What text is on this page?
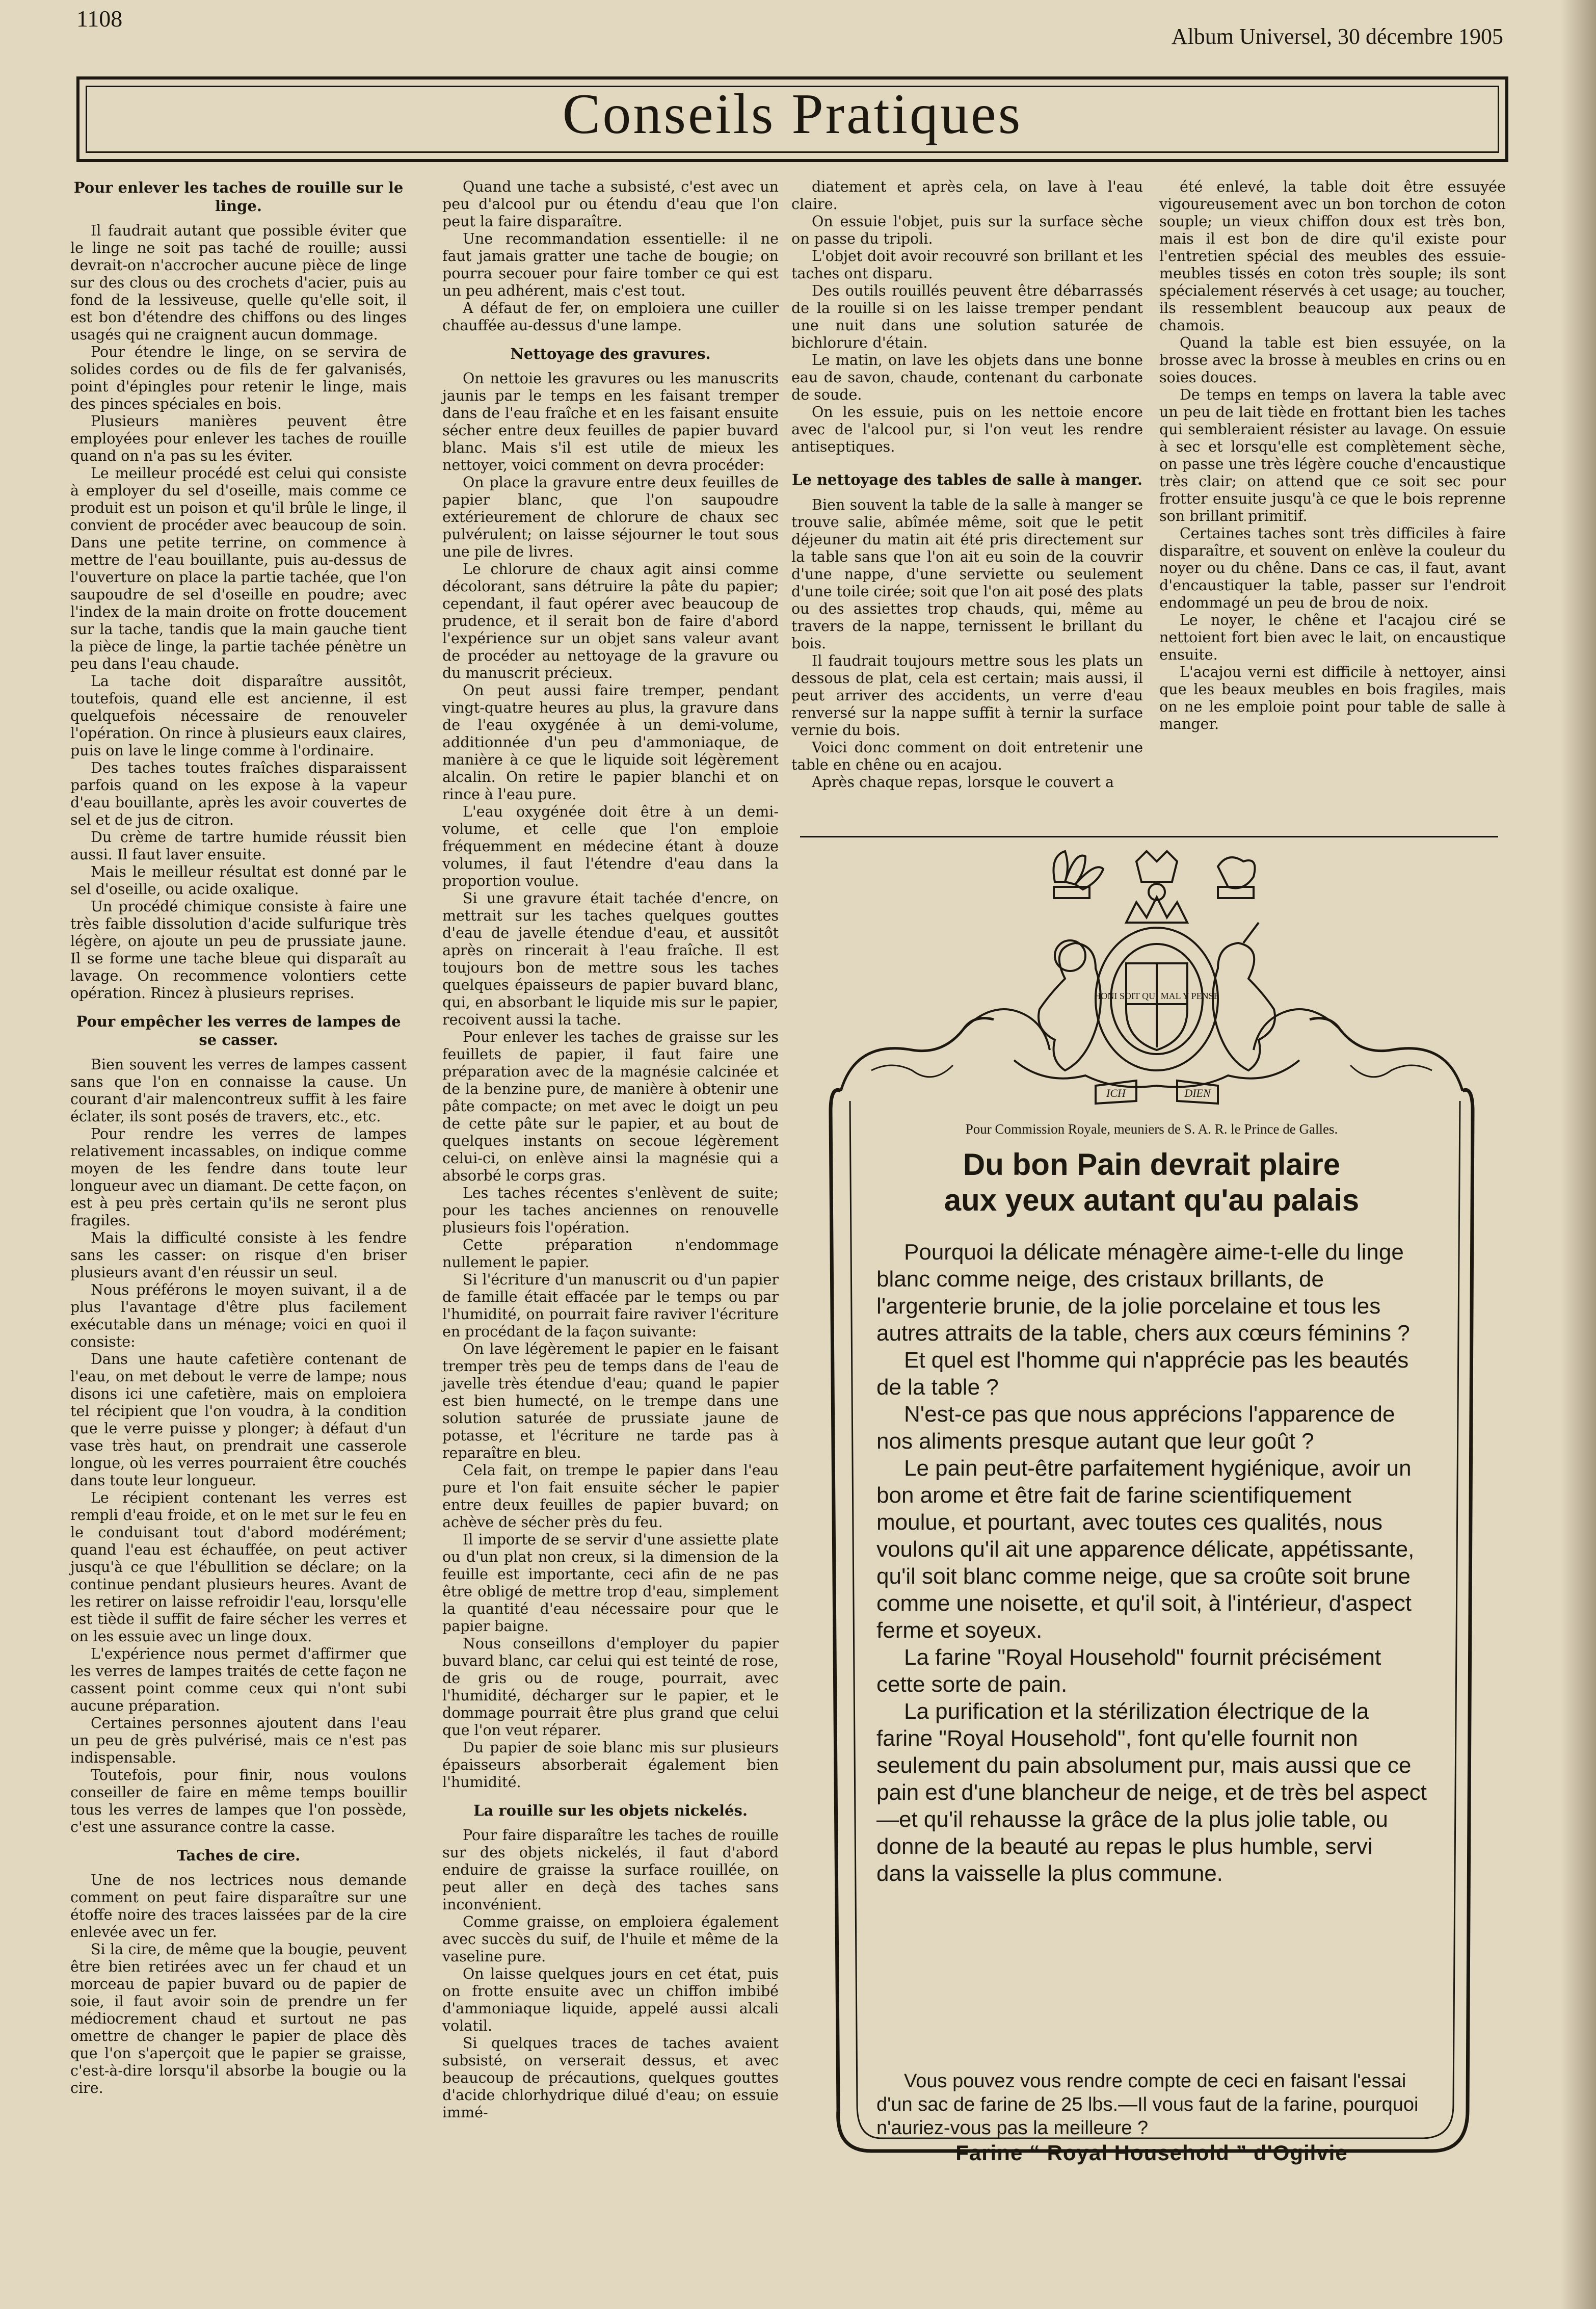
1108
Album Universel, 30 décembre 1905
Conseils Pratiques
Pour enlever les taches de rouille sur le linge.

Il faudrait autant que possible éviter que le linge ne soit pas taché de rouille; aussi devrait-on n'accrocher aucune pièce de linge sur des clous ou des crochets d'acier, puis au fond de la lessiveuse, quelle qu'elle soit, il est bon d'étendre des chiffons ou des linges usagés qui ne craignent aucun dommage.

Pour étendre le linge, on se servira de solides cordes ou de fils de fer galvanisés, point d'épingles pour retenir le linge, mais des pinces spéciales en bois.

Plusieurs manières peuvent être employées pour enlever les taches de rouille quand on n'a pas su les éviter.

Le meilleur procédé est celui qui consiste à employer du sel d'oseille, mais comme ce produit est un poison et qu'il brûle le linge, il convient de procéder avec beaucoup de soin. Dans une petite terrine, on commence à mettre de l'eau bouillante, puis au-dessus de l'ouverture on place la partie tachée, que l'on saupoudre de sel d'oseille en poudre; avec l'index de la main droite on frotte doucement sur la tache, tandis que la main gauche tient la pièce de linge, la partie tachée pénètre un peu dans l'eau chaude.

La tache doit disparaître aussitôt, toutefois, quand elle est ancienne, il est quelquefois nécessaire de renouveler l'opération. On rince à plusieurs eaux claires, puis on lave le linge comme à l'ordinaire.

Des taches toutes fraîches disparaissent parfois quand on les expose à la vapeur d'eau bouillante, après les avoir couvertes de sel et de jus de citron.

Du crème de tartre humide réussit bien aussi. Il faut laver ensuite.

Mais le meilleur résultat est donné par le sel d'oseille, ou acide oxalique.

Un procédé chimique consiste à faire une très faible dissolution d'acide sulfurique très légère, on ajoute un peu de prussiate jaune. Il se forme une tache bleue qui disparaît au lavage. On recommence volontiers cette opération. Rincez à plusieurs reprises.

Pour empêcher les verres de lampes de se casser.

Bien souvent les verres de lampes cassent sans que l'on en connaisse la cause. Un courant d'air malencontreux suffit à les faire éclater, ils sont posés de travers, etc., etc.

Pour rendre les verres de lampes relativement incassables, on indique comme moyen de les fendre dans toute leur longueur avec un diamant. De cette façon, on est à peu près certain qu'ils ne seront plus fragiles.

Mais la difficulté consiste à les fendre sans les casser: on risque d'en briser plusieurs avant d'en réussir un seul.

Nous préférons le moyen suivant, il a de plus l'avantage d'être plus facilement exécutable dans un ménage; voici en quoi il consiste:

Dans une haute cafetière contenant de l'eau, on met debout le verre de lampe; nous disons ici une cafetière, mais on emploiera tel récipient que l'on voudra, à la condition que le verre puisse y plonger; à défaut d'un vase très haut, on prendrait une casserole longue, où les verres pourraient être couchés dans toute leur longueur.

Le récipient contenant les verres est rempli d'eau froide, et on le met sur le feu en le conduisant tout d'abord modérément; quand l'eau est échauffée, on peut activer jusqu'à ce que l'ébullition se déclare; on la continue pendant plusieurs heures. Avant de les retirer on laisse refroidir l'eau, lorsqu'elle est tiède il suffit de faire sécher les verres et on les essuie avec un linge doux.

L'expérience nous permet d'affirmer que les verres de lampes traités de cette façon ne cassent point comme ceux qui n'ont subi aucune préparation.

Certaines personnes ajoutent dans l'eau un peu de grès pulvérisé, mais ce n'est pas indispensable.

Toutefois, pour finir, nous voulons conseiller de faire en même temps bouillir tous les verres de lampes que l'on possède, c'est une assurance contre la casse.

Taches de cire.

Une de nos lectrices nous demande comment on peut faire disparaître sur une étoffe noire des traces laissées par de la cire enlevée avec un fer.

Si la cire, de même que la bougie, peuvent être bien retirées avec un fer chaud et un morceau de papier buvard ou de papier de soie, il faut avoir soin de prendre un fer médiocrement chaud et surtout ne pas omettre de changer le papier de place dès que l'on s'aperçoit que le papier se graisse, c'est-à-dire lorsqu'il absorbe la bougie ou la cire.

Quand une tache a subsisté, c'est avec un peu d'alcool pur ou étendu d'eau que l'on peut la faire disparaître.

Une recommandation essentielle: il ne faut jamais gratter une tache de bougie; on pourra secouer pour faire tomber ce qui est un peu adhérent, mais c'est tout.

A défaut de fer, on emploiera une cuiller chauffée au-dessus d'une lampe.

Nettoyage des gravures.

On nettoie les gravures ou les manuscrits jaunis par le temps en les faisant tremper dans de l'eau fraîche et en les faisant ensuite sécher entre deux feuilles de papier buvard blanc. Mais s'il est utile de mieux les nettoyer, voici comment on devra procéder:

On place la gravure entre deux feuilles de papier blanc, que l'on saupoudre extérieurement de chlorure de chaux sec pulvérulent; on laisse séjourner le tout sous une pile de livres.

Le chlorure de chaux agit ainsi comme décolorant, sans détruire la pâte du papier; cependant, il faut opérer avec beaucoup de prudence, et il serait bon de faire d'abord l'expérience sur un objet sans valeur avant de procéder au nettoyage de la gravure ou du manuscrit précieux.

On peut aussi faire tremper, pendant vingt-quatre heures au plus, la gravure dans de l'eau oxygénée à un demi-volume, additionnée d'un peu d'ammoniaque, de manière à ce que le liquide soit légèrement alcalin. On retire le papier blanchi et on rince à l'eau pure.

L'eau oxygénée doit être à un demi-volume, et celle que l'on emploie fréquemment en médecine étant à douze volumes, il faut l'étendre d'eau dans la proportion voulue.

Si une gravure était tachée d'encre, on mettrait sur les taches quelques gouttes d'eau de javelle étendue d'eau, et aussitôt après on rincerait à l'eau fraîche. Il est toujours bon de mettre sous les taches quelques épaisseurs de papier buvard blanc, qui, en absorbant le liquide mis sur le papier, recoivent aussi la tache.

Pour enlever les taches de graisse sur les feuillets de papier, il faut faire une préparation avec de la magnésie calcinée et de la benzine pure, de manière à obtenir une pâte compacte; on met avec le doigt un peu de cette pâte sur le papier, et au bout de quelques instants on secoue légèrement celui-ci, on enlève ainsi la magnésie qui a absorbé le corps gras.

Les taches récentes s'enlèvent de suite; pour les taches anciennes on renouvelle plusieurs fois l'opération.

Cette préparation n'endommage nullement le papier.

Si l'écriture d'un manuscrit ou d'un papier de famille était effacée par le temps ou par l'humidité, on pourrait faire raviver l'écriture en procédant de la façon suivante:

On lave légèrement le papier en le faisant tremper très peu de temps dans de l'eau de javelle très étendue d'eau; quand le papier est bien humecté, on le trempe dans une solution saturée de prussiate jaune de potasse, et l'écriture ne tarde pas à reparaître en bleu.

Cela fait, on trempe le papier dans l'eau pure et l'on fait ensuite sécher le papier entre deux feuilles de papier buvard; on achève de sécher près du feu.

Il importe de se servir d'une assiette plate ou d'un plat non creux, si la dimension de la feuille est importante, ceci afin de ne pas être obligé de mettre trop d'eau, simplement la quantité d'eau nécessaire pour que le papier baigne.

Nous conseillons d'employer du papier buvard blanc, car celui qui est teinté de rose, de gris ou de rouge, pourrait, avec l'humidité, décharger sur le papier, et le dommage pourrait être plus grand que celui que l'on veut réparer.

Du papier de soie blanc mis sur plusieurs épaisseurs absorberait également bien l'humidité.

La rouille sur les objets nickelés.

Pour faire disparaître les taches de rouille sur des objets nickelés, il faut d'abord enduire de graisse la surface rouillée, on peut aller en deçà des taches sans inconvénient.

Comme graisse, on emploiera également avec succès du suif, de l'huile et même de la vaseline pure.

On laisse quelques jours en cet état, puis on frotte ensuite avec un chiffon imbibé d'ammoniaque liquide, appelé aussi alcali volatil.

Si quelques traces de taches avaient subsisté, on verserait dessus, et avec beaucoup de précautions, quelques gouttes d'acide chlorhydrique dilué d'eau; on essuie immé-

diatement et après cela, on lave à l'eau claire.

On essuie l'objet, puis sur la surface sèche on passe du tripoli.

L'objet doit avoir recouvré son brillant et les taches ont disparu.

Des outils rouillés peuvent être débarrassés de la rouille si on les laisse tremper pendant une nuit dans une solution saturée de bichlorure d'étain.

Le matin, on lave les objets dans une bonne eau de savon, chaude, contenant du carbonate de soude.

On les essuie, puis on les nettoie encore avec de l'alcool pur, si l'on veut les rendre antiseptiques.

Le nettoyage des tables de salle à manger.

Bien souvent la table de la salle à manger se trouve salie, abîmée même, soit que le petit déjeuner du matin ait été pris directement sur la table sans que l'on ait eu soin de la couvrir d'une nappe, d'une serviette ou seulement d'une toile cirée; soit que l'on ait posé des plats ou des assiettes trop chauds, qui, même au travers de la nappe, ternissent le brillant du bois.

Il faudrait toujours mettre sous les plats un dessous de plat, cela est certain; mais aussi, il peut arriver des accidents, un verre d'eau renversé sur la nappe suffit à ternir la surface vernie du bois.

Voici donc comment on doit entretenir une table en chêne ou en acajou.

Après chaque repas, lorsque le couvert a

été enlevé, la table doit être essuyée vigoureusement avec un bon torchon de coton souple; un vieux chiffon doux est très bon, mais il est bon de dire qu'il existe pour l'entretien spécial des meubles des essuie-meubles tissés en coton très souple; ils sont spécialement réservés à cet usage; au toucher, ils ressemblent beaucoup aux peaux de chamois.

Quand la table est bien essuyée, on la brosse avec la brosse à meubles en crins ou en soies douces.

De temps en temps on lavera la table avec un peu de lait tiède en frottant bien les taches qui sembleraient résister au lavage. On essuie à sec et lorsqu'elle est complètement sèche, on passe une très légère couche d'encaustique très clair; on attend que ce soit sec pour frotter ensuite jusqu'à ce que le bois reprenne son brillant primitif.

Certaines taches sont très difficiles à faire disparaître, et souvent on enlève la couleur du noyer ou du chêne. Dans ce cas, il faut, avant d'encaustiquer la table, passer sur l'endroit endommagé un peu de brou de noix.

Le noyer, le chêne et l'acajou ciré se nettoient fort bien avec le lait, on encaustique ensuite.

L'acajou verni est difficile à nettoyer, ainsi que les beaux meubles en bois fragiles, mais on ne les emploie point pour table de salle à manger.

HONI SOIT QUI MAL Y PENSE
ICH	DIEN
Pour Commission Royale, meuniers de S. A. R. le Prince de Galles.
Du bon Pain devrait plaire
aux yeux autant qu'au palais

Pourquoi la délicate ménagère aime-t-elle du linge blanc comme neige, des cristaux brillants, de l'argenterie brunie, de la jolie porcelaine et tous les autres attraits de la table, chers aux cœurs féminins ?

Et quel est l'homme qui n'apprécie pas les beautés de la table ?

N'est-ce pas que nous apprécions l'apparence de nos aliments presque autant que leur goût ?

Le pain peut-être parfaitement hygiénique, avoir un bon arome et être fait de farine scientifiquement moulue, et pourtant, avec toutes ces qualités, nous voulons qu'il ait une apparence délicate, appétissante, qu'il soit blanc comme neige, que sa croûte soit brune comme une noisette, et qu'il soit, à l'intérieur, d'aspect ferme et soyeux.

La farine "Royal Household" fournit précisément cette sorte de pain.

La purification et la stérilization électrique de la farine "Royal Household", font qu'elle fournit non seulement du pain absolument pur, mais aussi que ce pain est d'une blancheur de neige, et de très bel aspect—et qu'il rehausse la grâce de la plus jolie table, ou donne de la beauté au repas le plus humble, servi dans la vaisselle la plus commune.

Vous pouvez vous rendre compte de ceci en faisant l'essai d'un sac de farine de 25 lbs.—Il vous faut de la farine, pourquoi n'auriez-vous pas la meilleure ?

Farine “ Royal Household ” d'Ogilvie
